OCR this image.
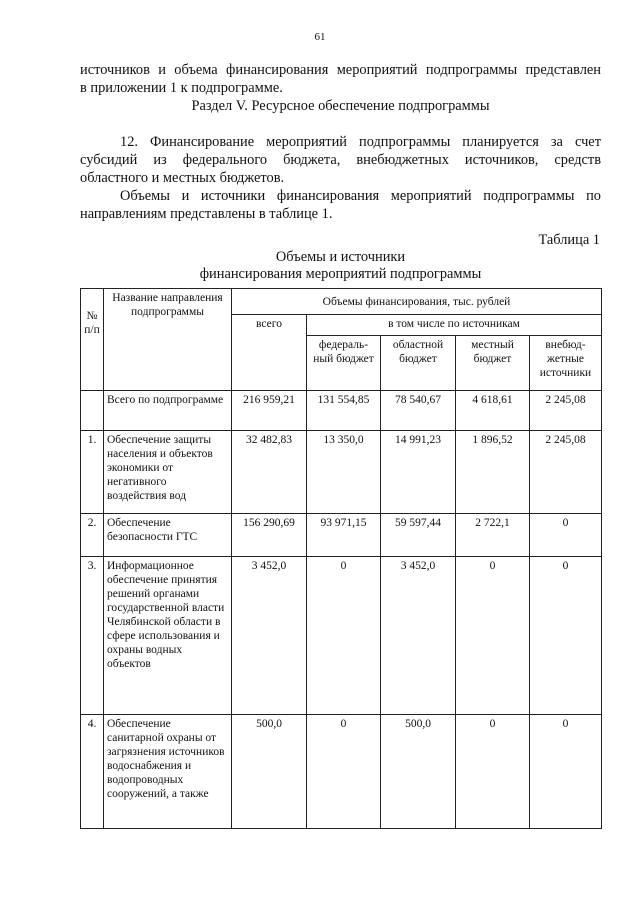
61

источников и объема финансирования мероприятий подпрограммы представлен

в приложении 1 к подпрограмме.

Раздел V. Ресурсное обеспечение подпрограммы

12. Финансирование мероприятий подпрограммы планируется за счет

субсидий из федерального бюджета, внебюджетных источников, средств

областного и местных бюджетов.

Объемы и источники финансирования мероприятий подпрограммы по

направлениям представлены в таблице 1.

Таблица 1

Объемы и источники

финансирования мероприятий подпрограммы

№ п/п	Название направления подпрограммы	Объемы финансирования, тыс. рублей				
		всего	в том числе по источникам			
			федераль-ный бюджет	областной бюджет	местный бюджет	внебюд-жетные источники
	Всего по подпрограмме	216 959,21	131 554,85	78 540,67	4 618,61	2 245,08
1.	Обеспечение защиты населения и объектов экономики от негативного воздействия вод	32 482,83	13 350,0	14 991,23	1 896,52	2 245,08
2.	Обеспечение безопасности ГТС	156 290,69	93 971,15	59 597,44	2 722,1	0
3.	Информационное обеспечение принятия решений органами государственной власти Челябинской области в сфере использования и охраны водных объектов	3 452,0	0	3 452,0	0	0
4.	Обеспечение санитарной охраны от загрязнения источников водоснабжения и водопроводных сооружений, а также	500,0	0	500,0	0	0
